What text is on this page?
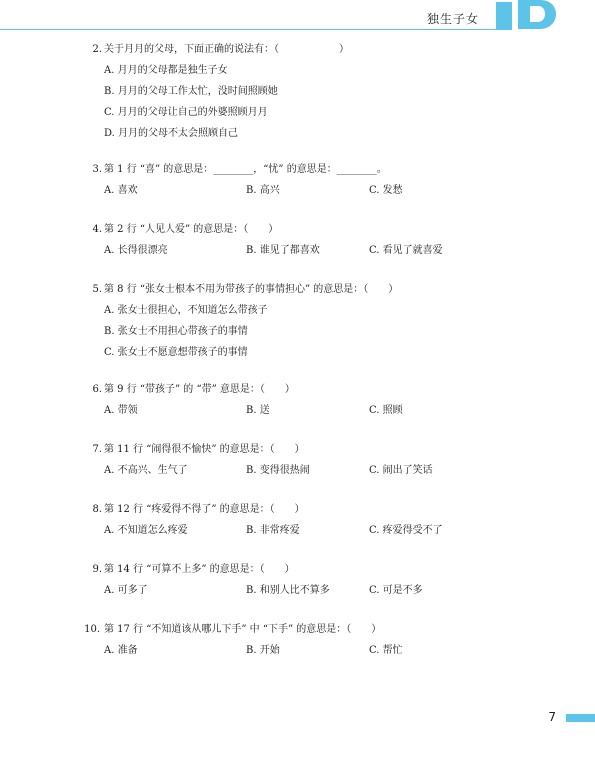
独生子女
2. 关于月月的父母，下面正确的说法有：（　　　　　　）
A. 月月的父母都是独生子女
B. 月月的父母工作太忙，没时间照顾她
C. 月月的父母让自己的外婆照顾月月
D. 月月的父母不太会照顾自己
3. 第 1 行 “喜” 的意思是：________，“忧” 的意思是：________。
A. 喜欢	B. 高兴	C. 发愁
4. 第 2 行 “人见人爱” 的意思是：（　　）
A. 长得很漂亮	B. 谁见了都喜欢	C. 看见了就喜爱
5. 第 8 行 “张女士根本不用为带孩子的事情担心” 的意思是：（　　）
A. 张女士很担心，不知道怎么带孩子
B. 张女士不用担心带孩子的事情
C. 张女士不愿意想带孩子的事情
6. 第 9 行 “带孩子” 的 “带” 意思是：（　　）
A. 带领	B. 送	C. 照顾
7. 第 11 行 “闹得很不愉快” 的意思是：（　　）
A. 不高兴、生气了	B. 变得很热闹	C. 闹出了笑话
8. 第 12 行 “疼爱得不得了” 的意思是：（　　）
A. 不知道怎么疼爱	B. 非常疼爱	C. 疼爱得受不了
9. 第 14 行 “可算不上多” 的意思是：（　　）
A. 可多了	B. 和别人比不算多	C. 可是不多
10. 第 17 行 “不知道该从哪儿下手” 中 “下手” 的意思是：（　　）
A. 准备	B. 开始	C. 帮忙
7
